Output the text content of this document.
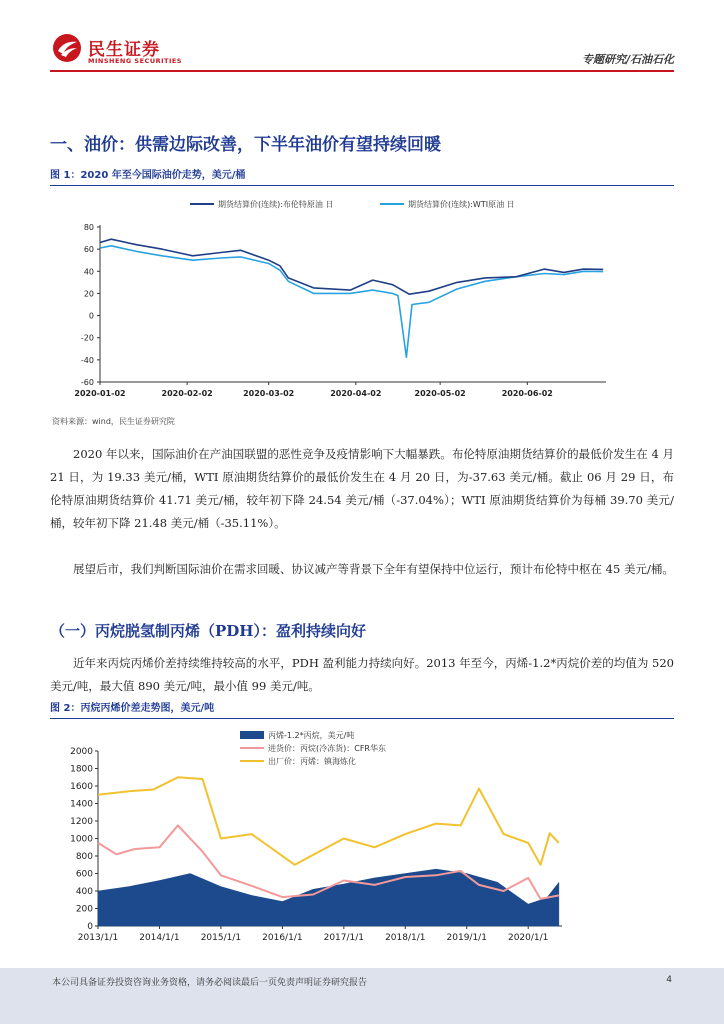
民生证券
MINSHENG SECURITIES	专题研究/石油石化
一、油价：供需边际改善，下半年油价有望持续回暖
图 1：2020 年至今国际油价走势，美元/桶
期货结算价(连续):布伦特原油 日	期货结算价(连续):WTI原油 日
-60
-40
-20
0
20
40
60
80
2020-01-02	2020-02-02	2020-03-02	2020-04-02	2020-05-02	2020-06-02
资料来源：wind，民生证券研究院
2020 年以来，国际油价在产油国联盟的恶性竞争及疫情影响下大幅暴跌。布伦特原油期货结算价的最低价发生在 4 月 21 日，为 19.33 美元/桶，WTI 原油期货结算价的最低价发生在 4 月 20 日，为-37.63 美元/桶。截止 06 月 29 日，布伦特原油期货结算价 41.71 美元/桶，较年初下降 24.54 美元/桶（-37.04%）；WTI 原油期货结算价为每桶 39.70 美元/桶，较年初下降 21.48 美元/桶（-35.11%）。
展望后市，我们判断国际油价在需求回暖、协议减产等背景下全年有望保持中位运行，预计布伦特中枢在 45 美元/桶。
（一）丙烷脱氢制丙烯（PDH）：盈利持续向好
近年来丙烷丙烯价差持续维持较高的水平，PDH 盈利能力持续向好。2013 年至今，丙烯-1.2*丙烷价差的均值为 520 美元/吨，最大值 890 美元/吨，最小值 99 美元/吨。
图 2：丙烷丙烯价差走势图，美元/吨
0
200
400
600
800
1000
1200
1400
1600
1800
2000
2013/1/1 2014/1/1 2015/1/1 2016/1/1 2017/1/1 2018/1/1 2019/1/1 2020/1/1
丙烯-1.2*丙烷，美元/吨
进货价：丙烷(冷冻货)：CFR华东
出厂价：丙烯：镇海炼化
本公司具备证券投资咨询业务资格，请务必阅读最后一页免责声明证券研究报告	4
